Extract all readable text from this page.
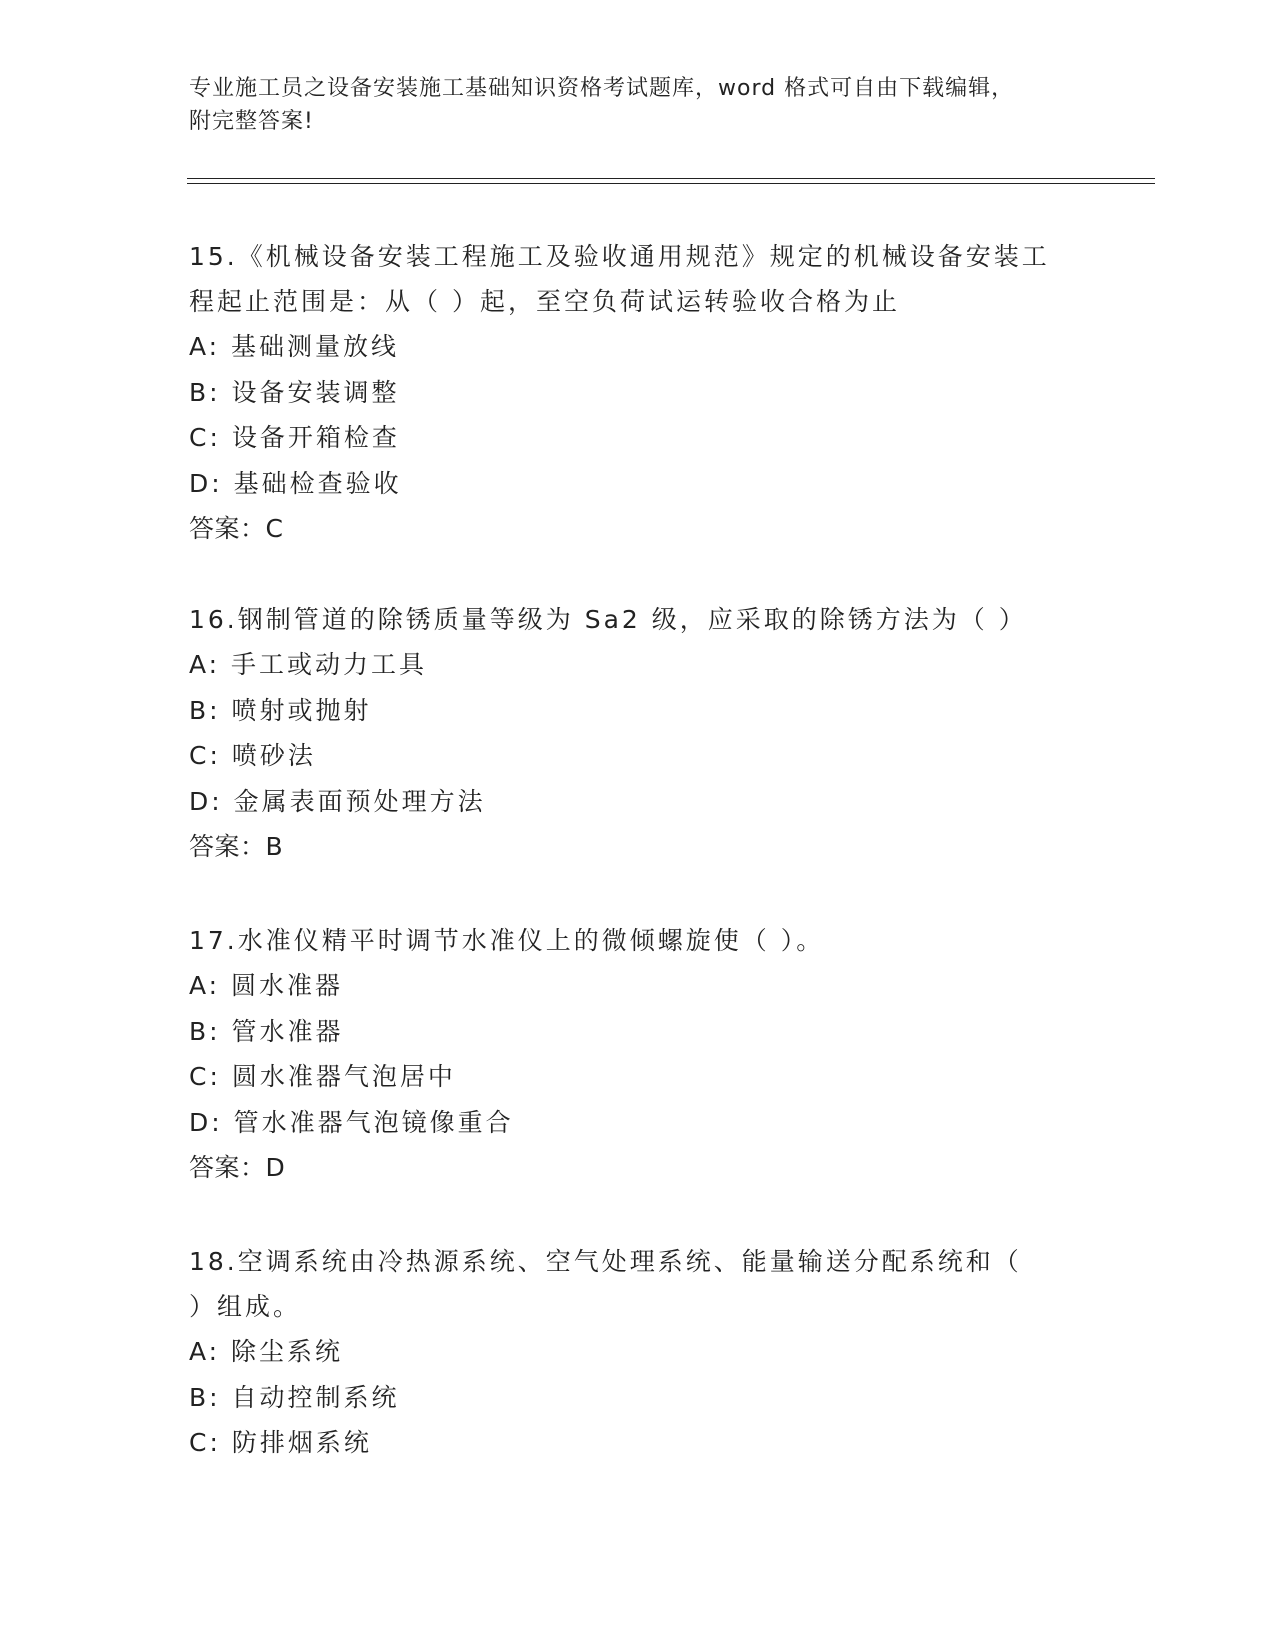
专业施工员之设备安装施工基础知识资格考试题库，word 格式可自由下载编辑，
附完整答案!
15.《机械设备安装工程施工及验收通用规范》规定的机械设备安装工
程起止范围是：从（ ）起，至空负荷试运转验收合格为止
A: 基础测量放线
B: 设备安装调整
C: 设备开箱检查
D: 基础检查验收
答案：C
16.钢制管道的除锈质量等级为 Sa2 级，应采取的除锈方法为（ ）
A: 手工或动力工具
B: 喷射或抛射
C: 喷砂法
D: 金属表面预处理方法
答案：B
17.水准仪精平时调节水准仪上的微倾螺旋使（ ）。
A: 圆水准器
B: 管水准器
C: 圆水准器气泡居中
D: 管水准器气泡镜像重合
答案：D
18.空调系统由冷热源系统、空气处理系统、能量输送分配系统和（
）组成。
A: 除尘系统
B: 自动控制系统
C: 防排烟系统
